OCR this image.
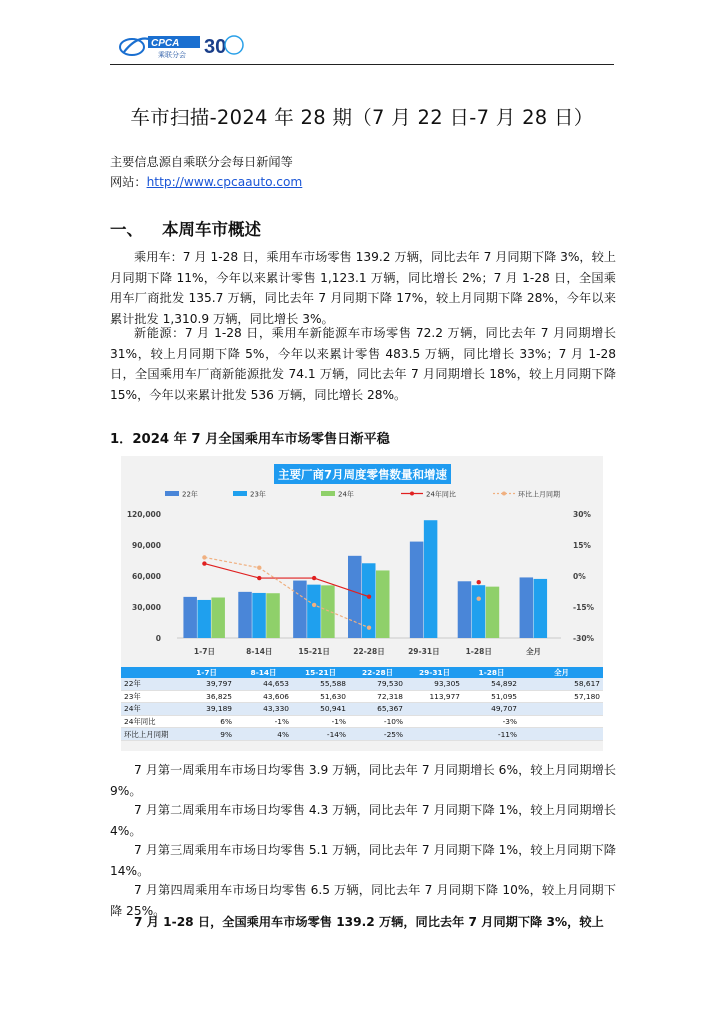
CPCA
乘联分会 30
车市扫描-2024 年 28 期（7 月 22 日-7 月 28 日）
主要信息源自乘联分会每日新闻等
网站：http://www.cpcaauto.com
一、 本周车市概述

乘用车：7 月 1-28 日，乘用车市场零售 139.2 万辆，同比去年 7 月同期下降 3%，较上月同期下降 11%，今年以来累计零售 1,123.1 万辆，同比增长 2%；7 月 1-28 日，全国乘用车厂商批发 135.7 万辆，同比去年 7 月同期下降 17%，较上月同期下降 28%，今年以来累计批发 1,310.9 万辆，同比增长 3%。

新能源：7 月 1-28 日，乘用车新能源车市场零售 72.2 万辆，同比去年 7 月同期增长 31%，较上月同期下降 5%，今年以来累计零售 483.5 万辆，同比增长 33%；7 月 1-28 日，全国乘用车厂商新能源批发 74.1 万辆，同比去年 7 月同期增长 18%，较上月同期下降 15%，今年以来累计批发 536 万辆，同比增长 28%。

1．2024 年 7 月全国乘用车市场零售日渐平稳
主要厂商7月周度零售数量和增速
22年	23年	24年	24年同比	环比上月同期
120,000
90,000
60,000
30,000
0
30%
15%
0%
-15%
-30%
1-7日	8-14日	15-21日	22-28日	29-31日	1-28日	全月
	1-7日	8-14日	15-21日	22-28日	29-31日	1-28日	全月
22年	39,797	44,653	55,588	79,530	93,305	54,892	58,617
23年	36,825	43,606	51,630	72,318	113,977	51,095	57,180
24年	39,189	43,330	50,941	65,367		49,707	
24年同比	6%	-1%	-1%	-10%		-3%	
环比上月同期	9%	4%	-14%	-25%		-11%	

7 月第一周乘用车市场日均零售 3.9 万辆，同比去年 7 月同期增长 6%，较上月同期增长 9%。

7 月第二周乘用车市场日均零售 4.3 万辆，同比去年 7 月同期下降 1%，较上月同期增长 4%。

7 月第三周乘用车市场日均零售 5.1 万辆，同比去年 7 月同期下降 1%，较上月同期下降 14%。

7 月第四周乘用车市场日均零售 6.5 万辆，同比去年 7 月同期下降 10%，较上月同期下降 25%。

7 月 1-28 日，全国乘用车市场零售 139.2 万辆，同比去年 7 月同期下降 3%，较上
